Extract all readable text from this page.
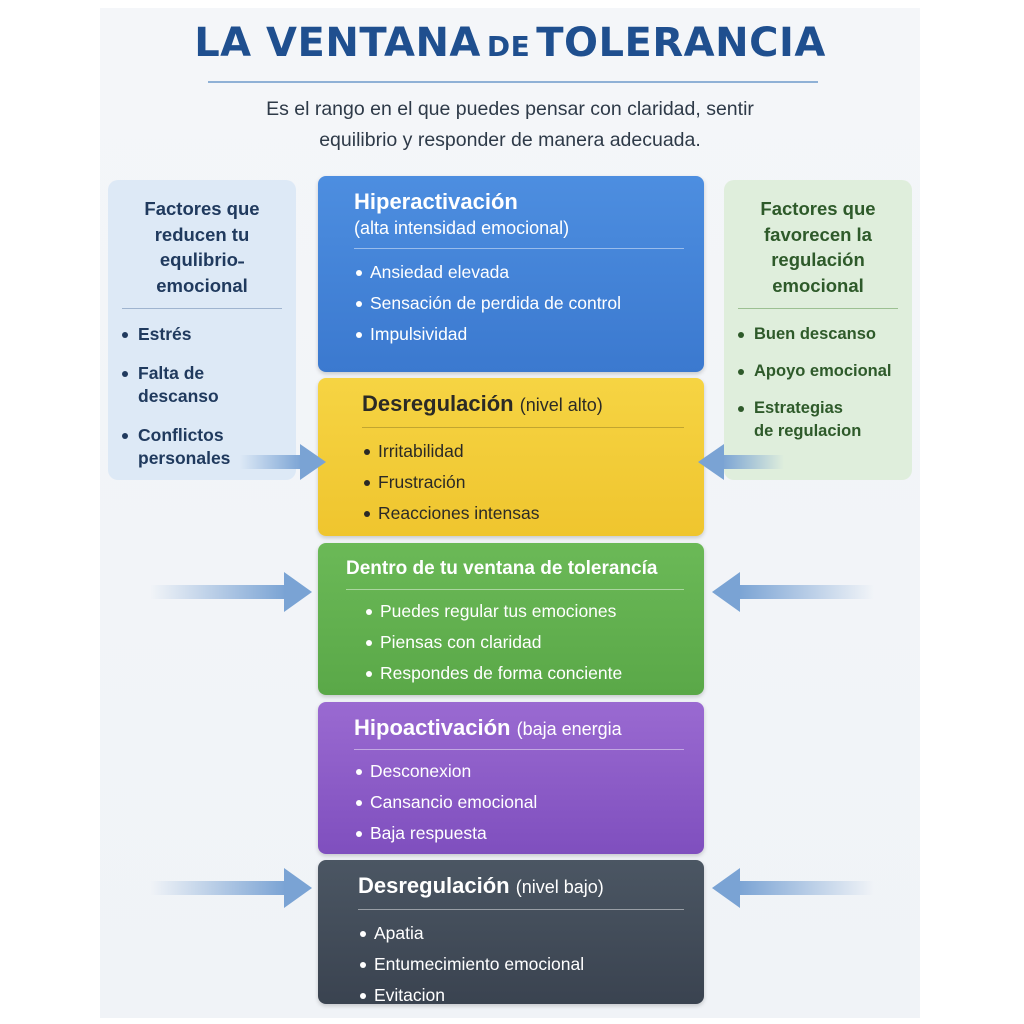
LA VENTANA DE TOLERANCIA
Es el rango en el que puedes pensar con claridad, sentir
equilibrio y responder de manera adecuada.
Factores que
reducen tu
equlibrio˗
emocional
Estrés
Falta de
descanso
Conflictos
personales
Factores que
favorecen la
regulación
emocional
Buen descanso
Apoyo emocional
Estrategias
de regulacion
Hiperactivación
(alta intensidad emocional)
Ansiedad elevada
Sensación de perdida de control
Impulsividad
Desregulación (nivel alto)
Irritabilidad
Frustración
Reacciones intensas
Dentro de tu ventana de tolerancía
Puedes regular tus emociones
Piensas con claridad
Respondes de forma conciente
Hipoactivación (baja energia
Desconexion
Cansancio emocional
Baja respuesta
Desregulación (nivel bajo)
Apatia
Entumecimiento emocional
Evitacion
